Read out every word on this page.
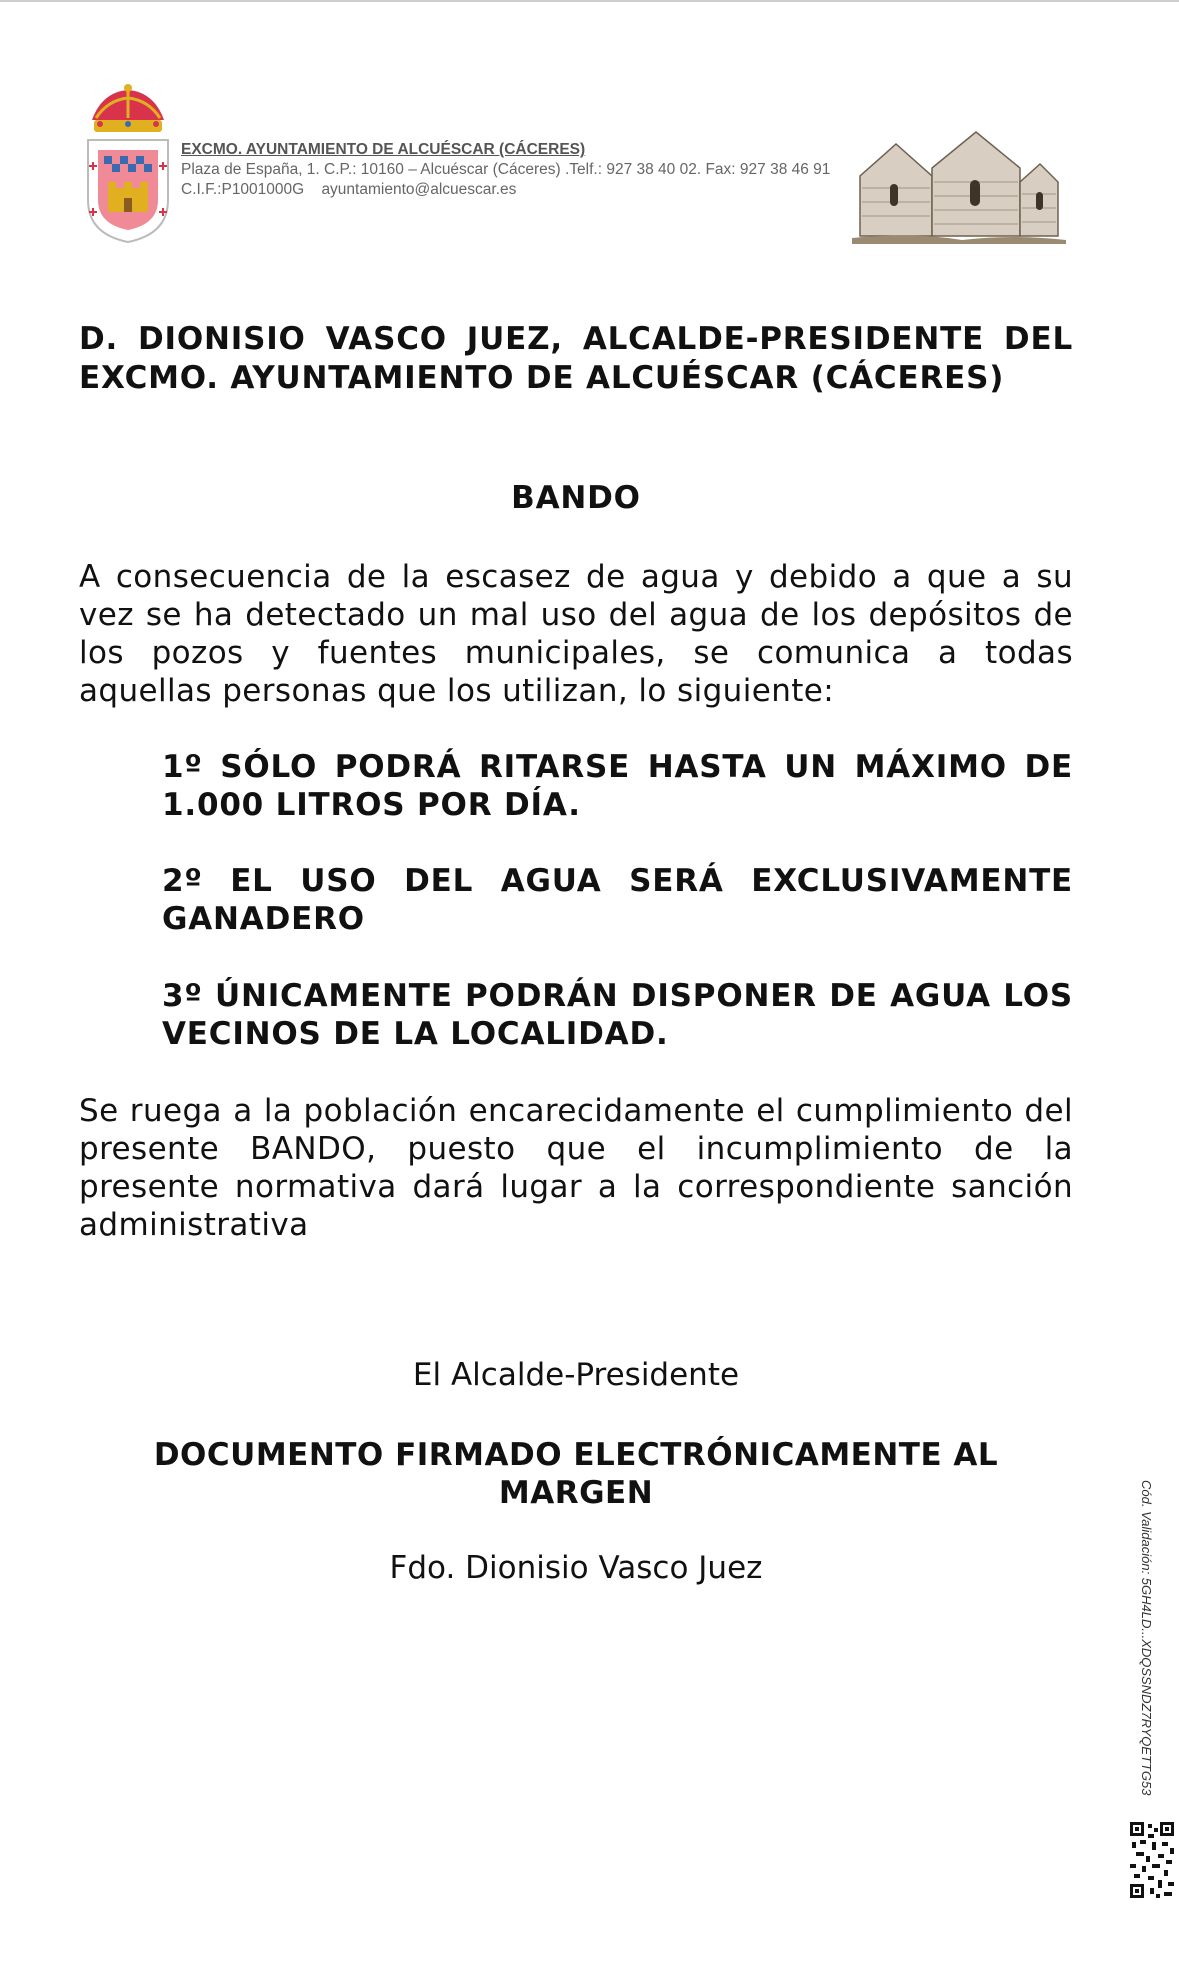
EXCMO. AYUNTAMIENTO DE ALCUÉSCAR (CÁCERES)
Plaza de España, 1. C.P.: 10160 – Alcuéscar (Cáceres) .Telf.: 927 38 40 02. Fax: 927 38 46 91
C.I.F.:P1001000G    ayuntamiento@alcuescar.es
D. DIONISIO VASCO JUEZ, ALCALDE-PRESIDENTE DEL EXCMO. AYUNTAMIENTO DE ALCUÉSCAR (CÁCERES)
BANDO
A consecuencia de la escasez de agua y debido a que a su vez se ha detectado un mal uso del agua de los depósitos de los pozos y fuentes municipales, se comunica a todas aquellas personas que los utilizan, lo siguiente:
1º SÓLO PODRÁ RITARSE HASTA UN MÁXIMO DE 1.000 LITROS POR DÍA.
2º EL USO DEL AGUA SERÁ EXCLUSIVAMENTE GANADERO
3º ÚNICAMENTE PODRÁN DISPONER DE AGUA LOS VECINOS DE LA LOCALIDAD.
Se ruega a la población encarecidamente el cumplimiento del presente BANDO, puesto que el incumplimiento de la presente normativa dará lugar a la correspondiente sanción administrativa
El Alcalde-Presidente
DOCUMENTO FIRMADO ELECTRÓNICAMENTE AL MARGEN
Fdo. Dionisio Vasco Juez	Cód. Validación: 5GH4LD...XDQSSNDZ7RYQETTG53
